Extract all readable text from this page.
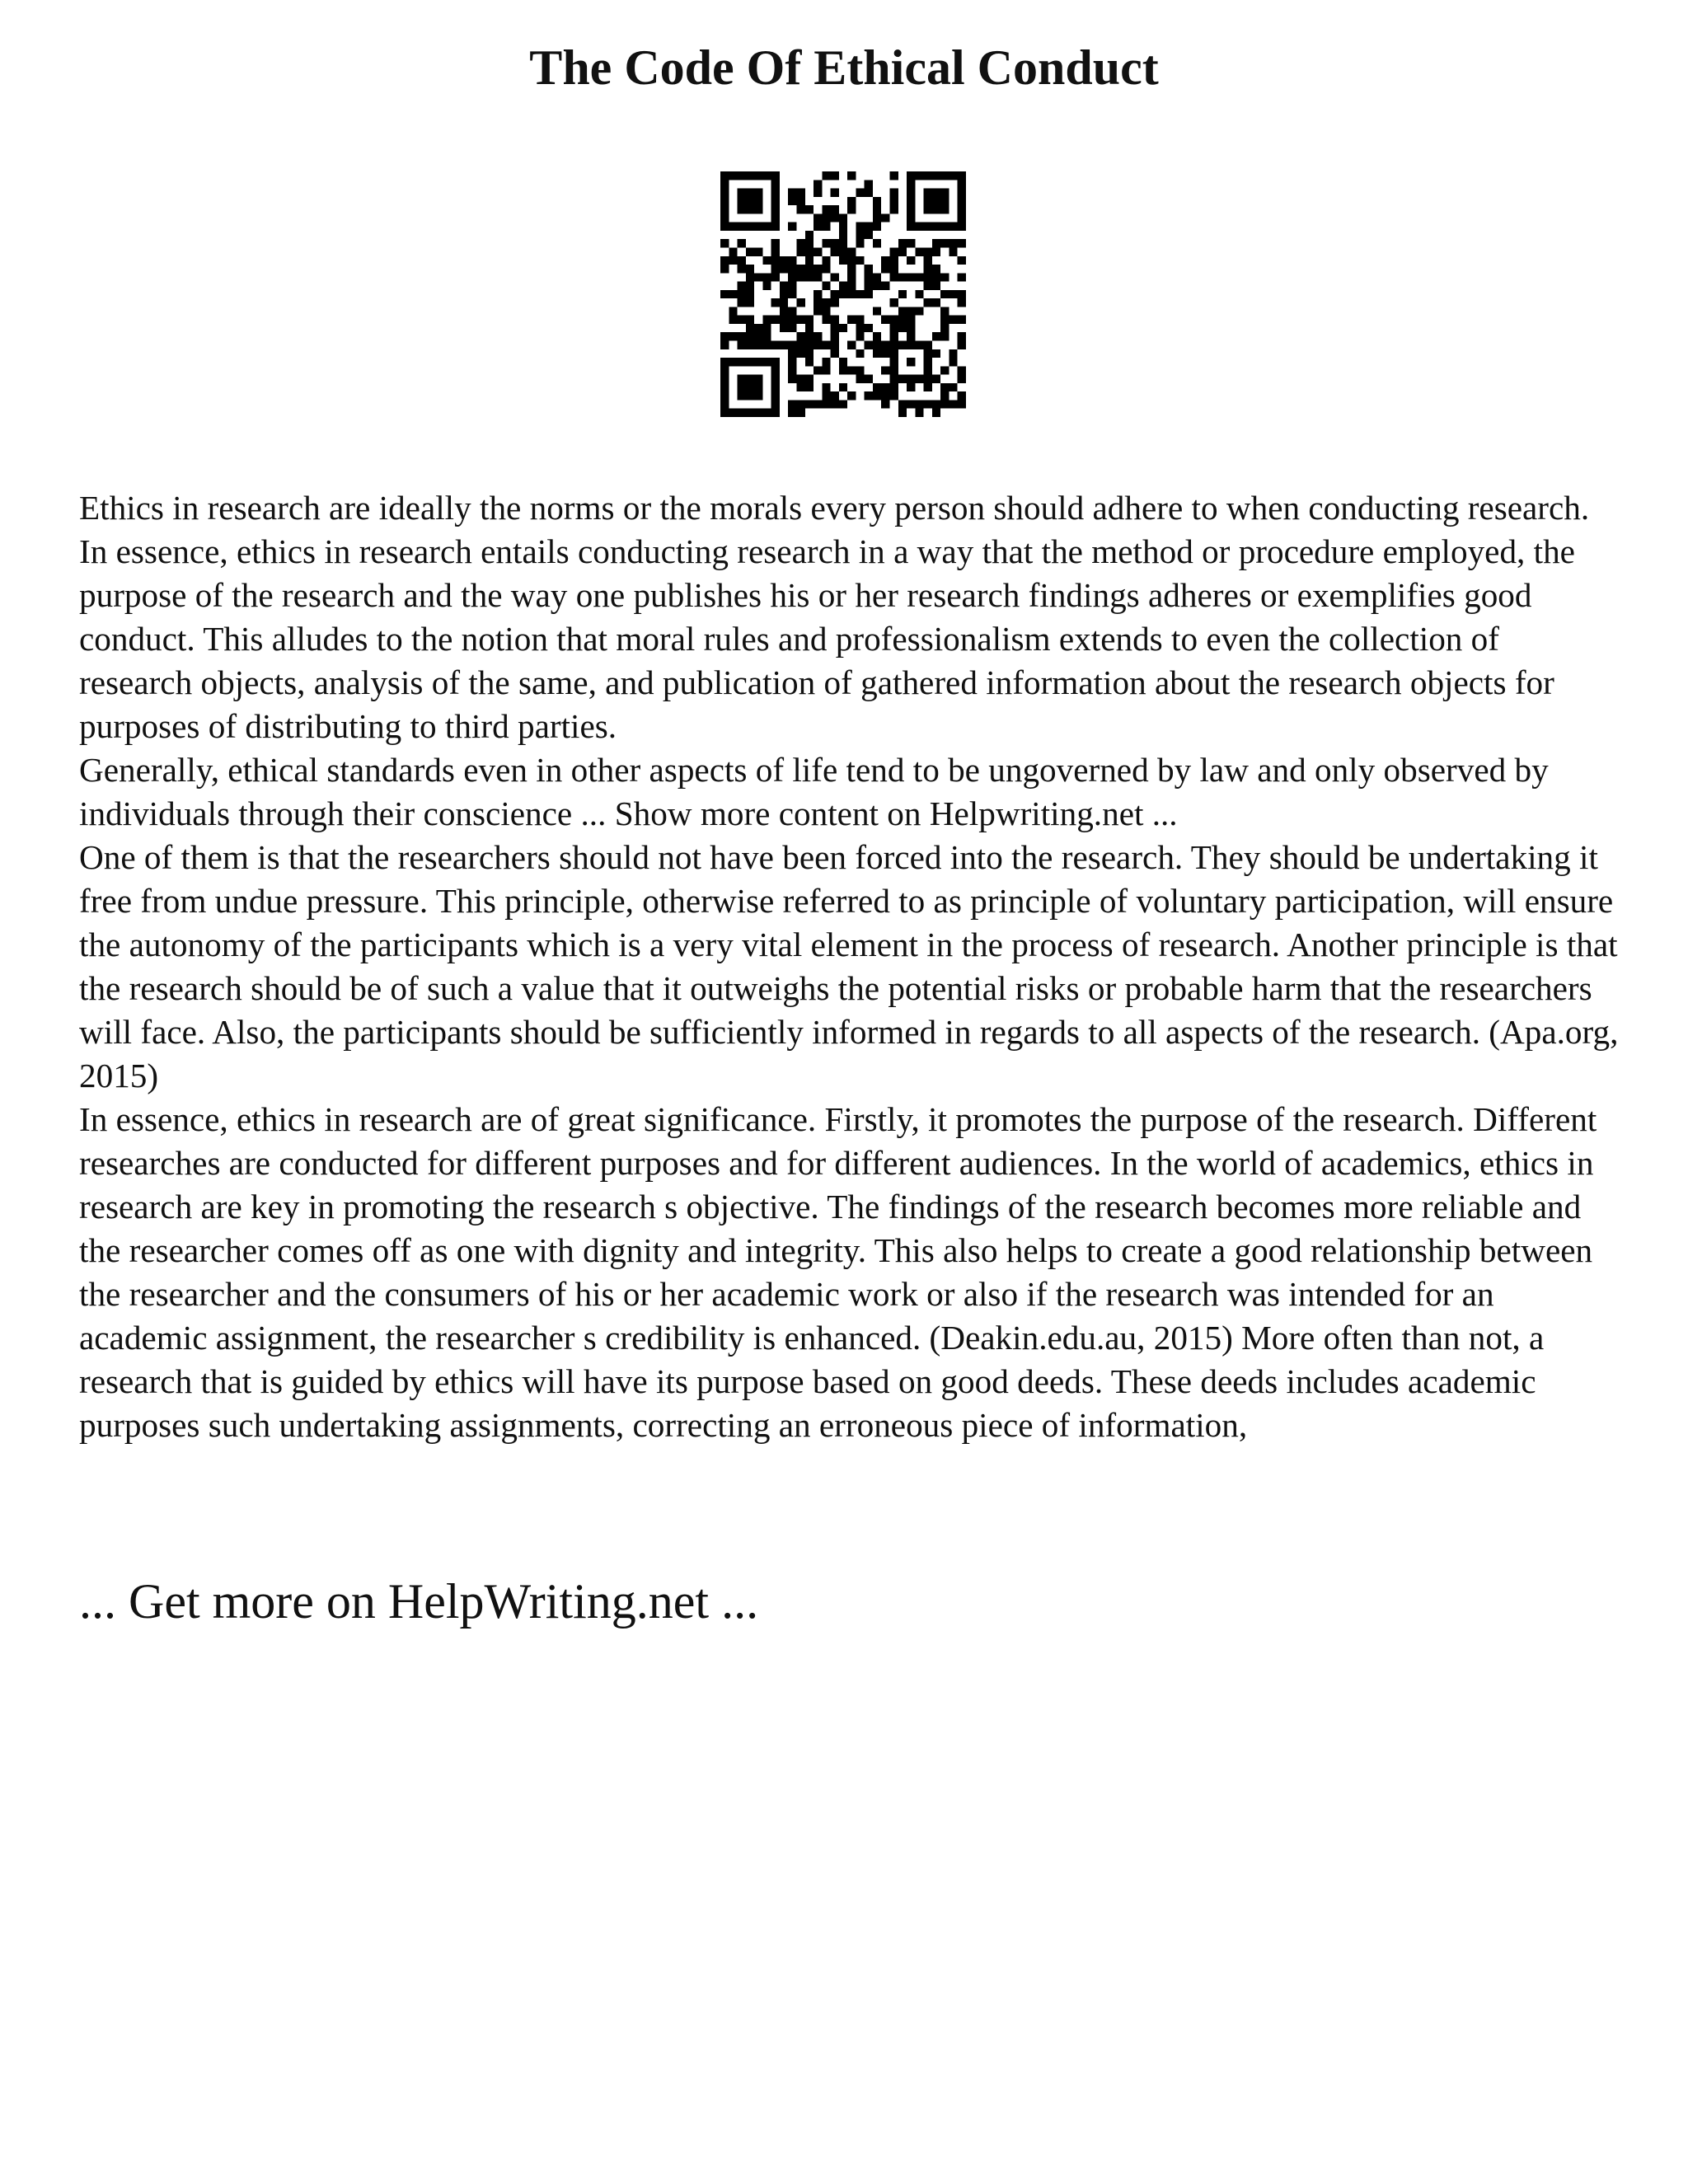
The Code Of Ethical Conduct

Ethics in research are ideally the norms or the morals every person should adhere to when conducting research. In essence, ethics in research entails conducting research in a way that the method or procedure employed, the purpose of the research and the way one publishes his or her research findings adheres or exemplifies good conduct. This alludes to the notion that moral rules and professionalism extends to even the collection of research objects, analysis of the same, and publication of gathered information about the research objects for purposes of distributing to third parties.

Generally, ethical standards even in other aspects of life tend to be ungoverned by law and only observed by individuals through their conscience ... Show more content on Helpwriting.net ...

One of them is that the researchers should not have been forced into the research. They should be undertaking it free from undue pressure. This principle, otherwise referred to as principle of voluntary participation, will ensure the autonomy of the participants which is a very vital element in the process of research. Another principle is that the research should be of such a value that it outweighs the potential risks or probable harm that the researchers will face. Also, the participants should be sufficiently informed in regards to all aspects of the research. (Apa.org, 2015)

In essence, ethics in research are of great significance. Firstly, it promotes the purpose of the research. Different researches are conducted for different purposes and for different audiences. In the world of academics, ethics in research are key in promoting the research s objective. The findings of the research becomes more reliable and the researcher comes off as one with dignity and integrity. This also helps to create a good relationship between the researcher and the consumers of his or her academic work or also if the research was intended for an academic assignment, the researcher s credibility is enhanced. (Deakin.edu.au, 2015) More often than not, a research that is guided by ethics will have its purpose based on good deeds. These deeds includes academic purposes such undertaking assignments, correcting an erroneous piece of information,

... Get more on HelpWriting.net ...
